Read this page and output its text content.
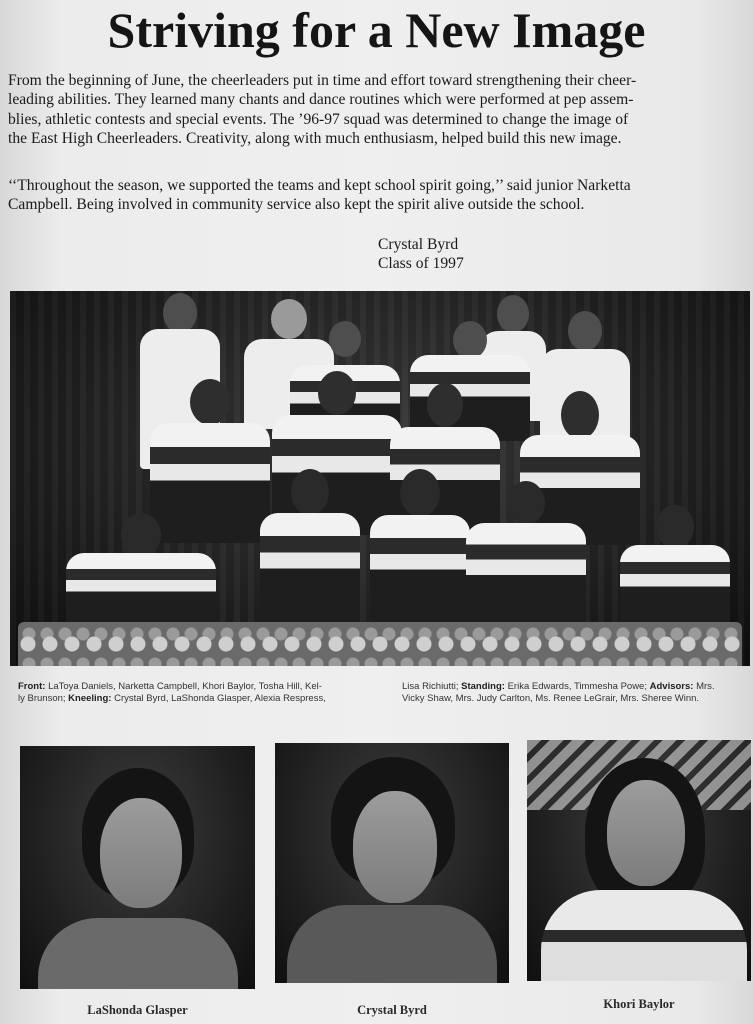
Striving for a New Image
From the beginning of June, the cheerleaders put in time and effort toward strengthening their cheer-
leading abilities. They learned many chants and dance routines which were performed at pep assem-
blies, athletic contests and special events. The ’96-97 squad was determined to change the image of
the East High Cheerleaders. Creativity, along with much enthusiasm, helped build this new image.
‘‘Throughout the season, we supported the teams and kept school spirit going,’’ said junior Narketta
Campbell. Being involved in community service also kept the spirit alive outside the school.
Crystal Byrd
Class of 1997
Front: LaToya Daniels, Narketta Campbell, Khori Baylor, Tosha Hill, Kel-
ly Brunson; Kneeling: Crystal Byrd, LaShonda Glasper, Alexia Respress,
Lisa Richiutti; Standing: Erika Edwards, Timmesha Powe; Advisors: Mrs.
Vicky Shaw, Mrs. Judy Carlton, Ms. Renee LeGrair, Mrs. Sheree Winn.
LaShonda Glasper	Crystal Byrd	Khori Baylor
